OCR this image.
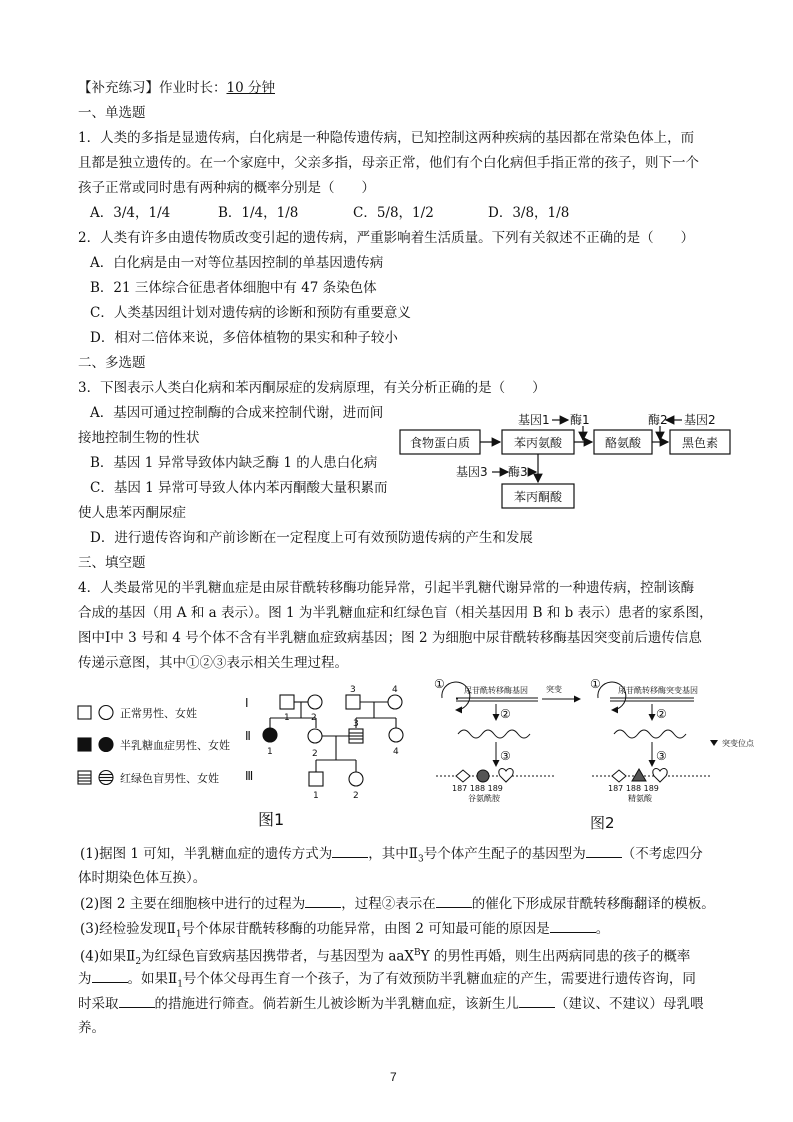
【补充练习】作业时长：10 分钟
一、单选题
1．人类的多指是显遗传病，白化病是一种隐传遗传病，已知控制这两种疾病的基因都在常染色体上，而
且都是独立遗传的。在一个家庭中，父亲多指，母亲正常，他们有个白化病但手指正常的孩子，则下一个
孩子正常或同时患有两种病的概率分别是（　　）
A．3/4，1/4	B．1/4，1/8	C．5/8，1/2	D．3/8，1/8
2．人类有许多由遗传物质改变引起的遗传病，严重影响着生活质量。下列有关叙述不正确的是（　　）
A．白化病是由一对等位基因控制的单基因遗传病
B．21 三体综合征患者体细胞中有 47 条染色体
C．人类基因组计划对遗传病的诊断和预防有重要意义
D．相对二倍体来说，多倍体植物的果实和种子较小
二、多选题
3．下图表示人类白化病和苯丙酮尿症的发病原理，有关分析正确的是（　　）
A．基因可通过控制酶的合成来控制代谢，进而间
接地控制生物的性状
B．基因 1 异常导致体内缺乏酶 1 的人患白化病
C．基因 1 异常可导致人体内苯丙酮酸大量积累而
使人患苯丙酮尿症
D．进行遗传咨询和产前诊断在一定程度上可有效预防遗传病的产生和发展
食物蛋白质	苯丙氨酸	酪氨酸	黑色素
苯丙酮酸
基因1 酶1	酶2 基因2
基因3 酶3
三、填空题
4．人类最常见的半乳糖血症是由尿苷酰转移酶功能异常，引起半乳糖代谢异常的一种遗传病，控制该酶
合成的基因（用 A 和 a 表示）。图 1 为半乳糖血症和红绿色盲（相关基因用 B 和 b 表示）患者的家系图，
图中Ⅰ中 3 号和 4 号个体不含有半乳糖血症致病基因；图 2 为细胞中尿苷酰转移酶基因突变前后遗传信息
传递示意图，其中①②③表示相关生理过程。
正常男性、女姓
半乳糖血症男性、女姓
红绿色盲男性、女姓
Ⅰ
Ⅱ
Ⅲ
1 2
3	4
1	2
3
4
1	2
图1
尿苷酰转移酶基因
187 188 189
谷氨酰胺
①
②
③
突变	尿苷酰转移酶突变基因
187 188 189
精氨酸
突变位点
①
②
③
图2
(1)据图 1 可知，半乳糖血症的遗传方式为	，其中$Ⅱ_3$号个体产生配子的基因型为	（不考虑四分
体时期染色体互换）。
(2)图 2 主要在细胞核中进行的过程为	，过程②表示在	的催化下形成尿苷酰转移酶翻译的模板。
(3)经检验发现$Ⅱ_1$号个体尿苷酰转移酶的功能异常，由图 2 可知最可能的原因是	。
(4)如果$Ⅱ_2$为红绿色盲致病基因携带者，与基因型为 aaX$^B$Y 的男性再婚，则生出两病同患的孩子的概率
为	。如果$Ⅱ_1$号个体父母再生育一个孩子，为了有效预防半乳糖血症的产生，需要进行遗传咨询，同
时采取	的措施进行筛查。倘若新生儿被诊断为半乳糖血症，该新生儿	（建议、不建议）母乳喂
养。
7
